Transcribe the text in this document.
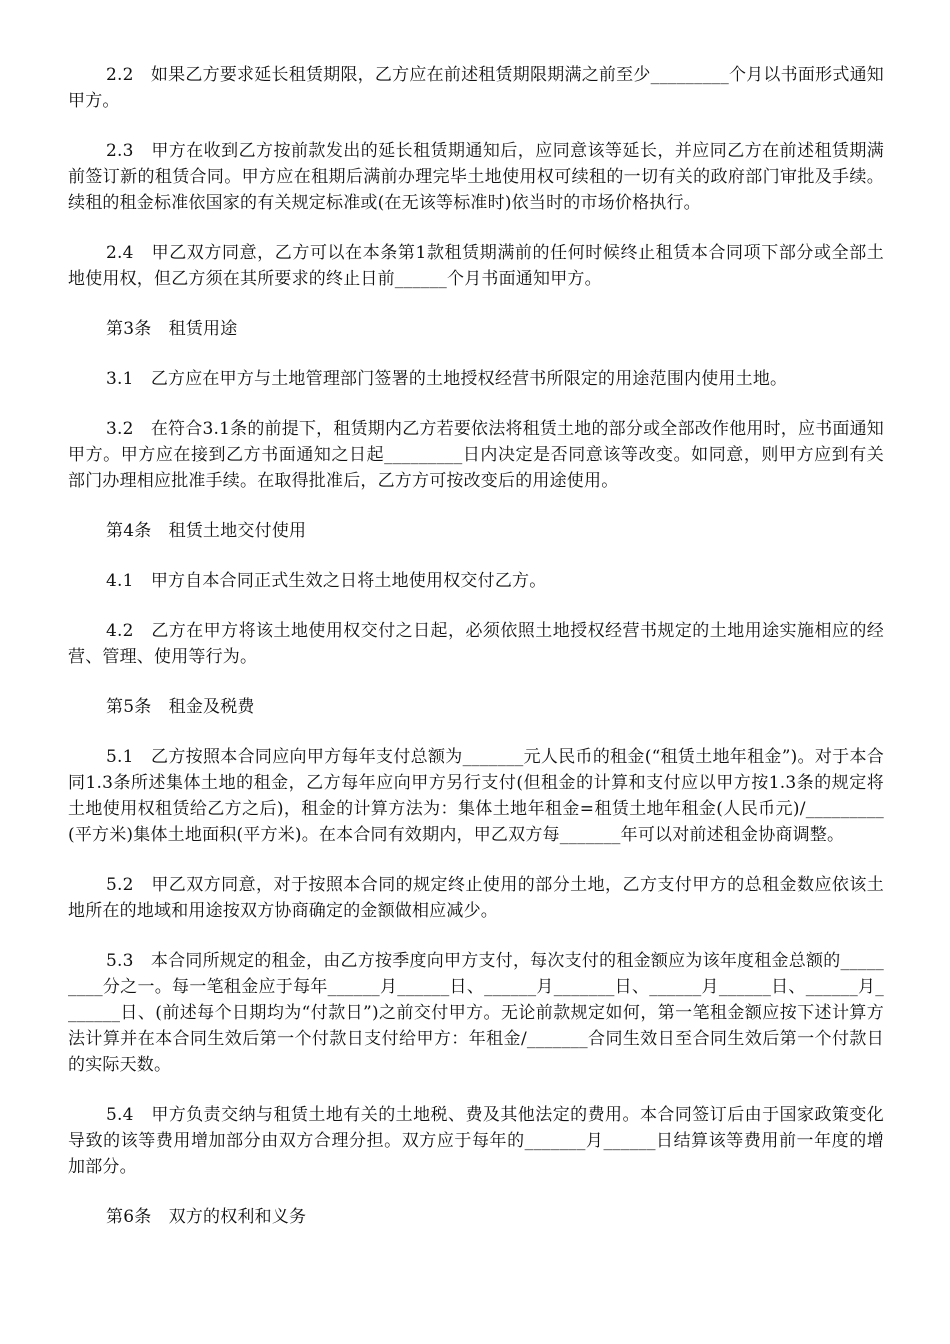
2.2　如果乙方要求延长租赁期限，乙方应在前述租赁期限期满之前至少_________个月以书面形式通知甲方。

2.3　甲方在收到乙方按前款发出的延长租赁期通知后，应同意该等延长，并应同乙方在前述租赁期满前签订新的租赁合同。甲方应在租期后满前办理完毕土地使用权可续租的一切有关的政府部门审批及手续。续租的租金标准依国家的有关规定标准或(在无该等标准时)依当时的市场价格执行。

2.4　甲乙双方同意，乙方可以在本条第1款租赁期满前的任何时候终止租赁本合同项下部分或全部土地使用权，但乙方须在其所要求的终止日前______个月书面通知甲方。

第3条　租赁用途

3.1　乙方应在甲方与土地管理部门签署的土地授权经营书所限定的用途范围内使用土地。

3.2　在符合3.1条的前提下，租赁期内乙方若要依法将租赁土地的部分或全部改作他用时，应书面通知甲方。甲方应在接到乙方书面通知之日起_________日内决定是否同意该等改变。如同意，则甲方应到有关部门办理相应批准手续。在取得批准后，乙方方可按改变后的用途使用。

第4条　租赁土地交付使用

4.1　甲方自本合同正式生效之日将土地使用权交付乙方。

4.2　乙方在甲方将该土地使用权交付之日起，必须依照土地授权经营书规定的土地用途实施相应的经营、管理、使用等行为。

第5条　租金及税费

5.1　乙方按照本合同应向甲方每年支付总额为_______元人民币的租金(“租赁土地年租金”)。对于本合同1.3条所述集体土地的租金，乙方每年应向甲方另行支付(但租金的计算和支付应以甲方按1.3条的规定将土地使用权租赁给乙方之后)，租金的计算方法为：集体土地年租金=租赁土地年租金(人民币元)/_________(平方米)集体土地面积(平方米)。在本合同有效期内，甲乙双方每_______年可以对前述租金协商调整。

5.2　甲乙双方同意，对于按照本合同的规定终止使用的部分土地，乙方支付甲方的总租金数应依该土地所在的地域和用途按双方协商确定的金额做相应减少。

5.3　本合同所规定的租金，由乙方按季度向甲方支付，每次支付的租金额应为该年度租金总额的_________分之一。每一笔租金应于每年______月______日、______月_______日、______月______日、______月_______日、(前述每个日期均为“付款日”)之前交付甲方。无论前款规定如何，第一笔租金额应按下述计算方法计算并在本合同生效后第一个付款日支付给甲方：年租金/_______合同生效日至合同生效后第一个付款日的实际天数。

5.4　甲方负责交纳与租赁土地有关的土地税、费及其他法定的费用。本合同签订后由于国家政策变化导致的该等费用增加部分由双方合理分担。双方应于每年的_______月______日结算该等费用前一年度的增加部分。

第6条　双方的权利和义务
